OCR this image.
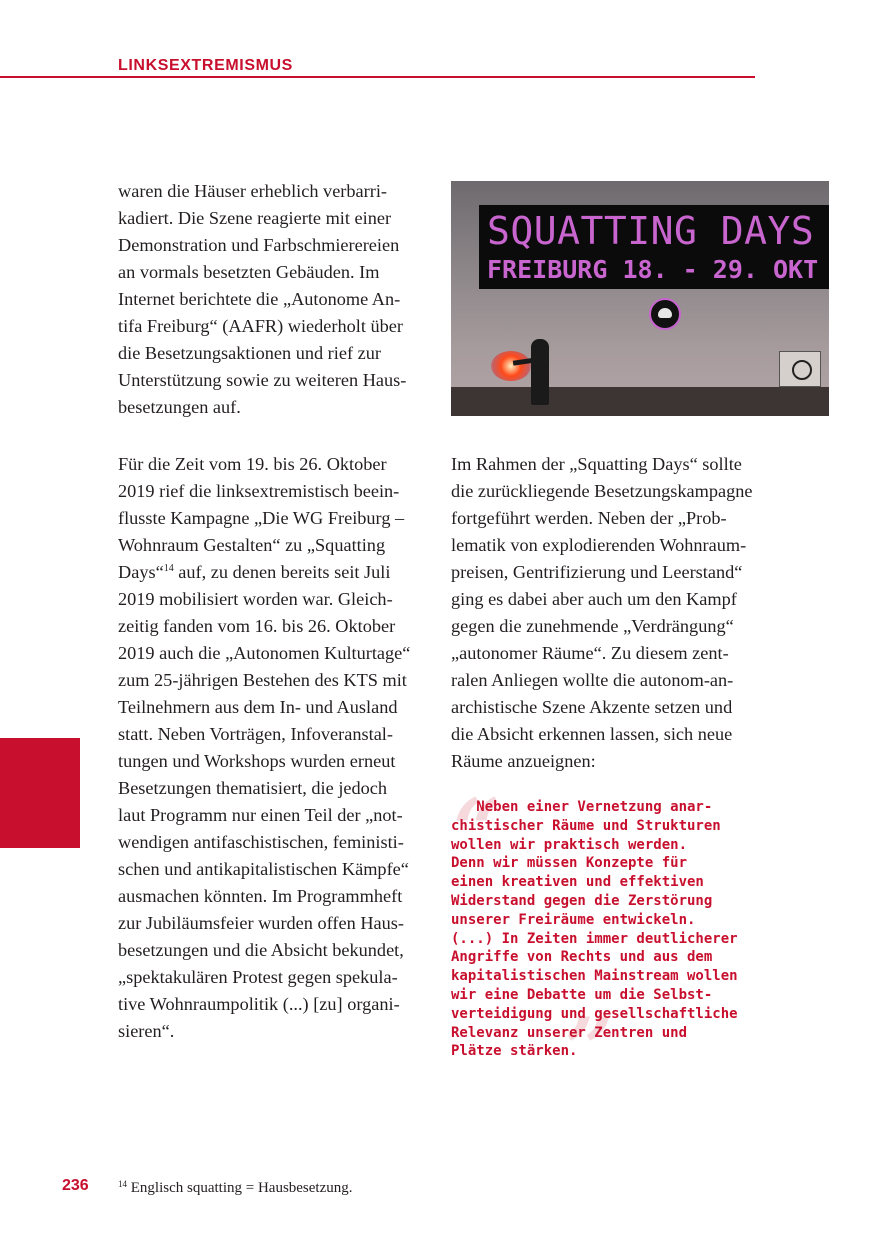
LINKSEXTREMISMUS

waren die Häuser erheblich verbarri-
kadiert. Die Szene reagierte mit einer
Demonstration und Farbschmierereien
an vormals besetzten Gebäuden. Im
Internet berichtete die „Autonome An-
tifa Freiburg“ (AAFR) wiederholt über
die Besetzungsaktionen und rief zur
Unterstützung sowie zu weiteren Haus-
besetzungen auf.

Für die Zeit vom 19. bis 26. Oktober
2019 rief die linksextremistisch beein-
flusste Kampagne „Die WG Freiburg –
Wohnraum Gestalten“ zu „Squatting
Days“$^{14}$ auf, zu denen bereits seit Juli
2019 mobilisiert worden war. Gleich-
zeitig fanden vom 16. bis 26. Oktober
2019 auch die „Autonomen Kulturtage“
zum 25-jährigen Bestehen des KTS mit
Teilnehmern aus dem In- und Ausland
statt. Neben Vorträgen, Infoveranstal-
tungen und Workshops wurden erneut
Besetzungen thematisiert, die jedoch
laut Programm nur einen Teil der „not-
wendigen antifaschistischen, feministi-
schen und antikapitalistischen Kämpfe“
ausmachen könnten. Im Programmheft
zur Jubiläumsfeier wurden offen Haus-
besetzungen und die Absicht bekundet,
„spektakulären Protest gegen spekula-
tive Wohnraumpolitik (...) [zu] organi-
sieren“.

SQUATTING DAYS
FREIBURG 18. - 29. OKT

Im Rahmen der „Squatting Days“ sollte
die zurückliegende Besetzungskampagne
fortgeführt werden. Neben der „Prob-
lematik von explodierenden Wohnraum-
preisen, Gentrifizierung und Leerstand“
ging es dabei aber auch um den Kampf
gegen die zunehmende „Verdrängung“
„autonomer Räume“. Zu diesem zent-
ralen Anliegen wollte die autonom-an-
archistische Szene Akzente setzen und
die Absicht erkennen lassen, sich neue
Räume anzueignen:

“

Neben einer Vernetzung anar-
chistischer Räume und Strukturen
wollen wir praktisch werden.
Denn wir müssen Konzepte für
einen kreativen und effektiven
Widerstand gegen die Zerstörung
unserer Freiräume entwickeln.
(...) In Zeiten immer deutlicherer
Angriffe von Rechts und aus dem
kapitalistischen Mainstream wollen
wir eine Debatte um die Selbst-
verteidigung und gesellschaftliche
Relevanz unserer Zentren und
Plätze stärken.

”
236	$^{14}$ Englisch squatting = Hausbesetzung.
